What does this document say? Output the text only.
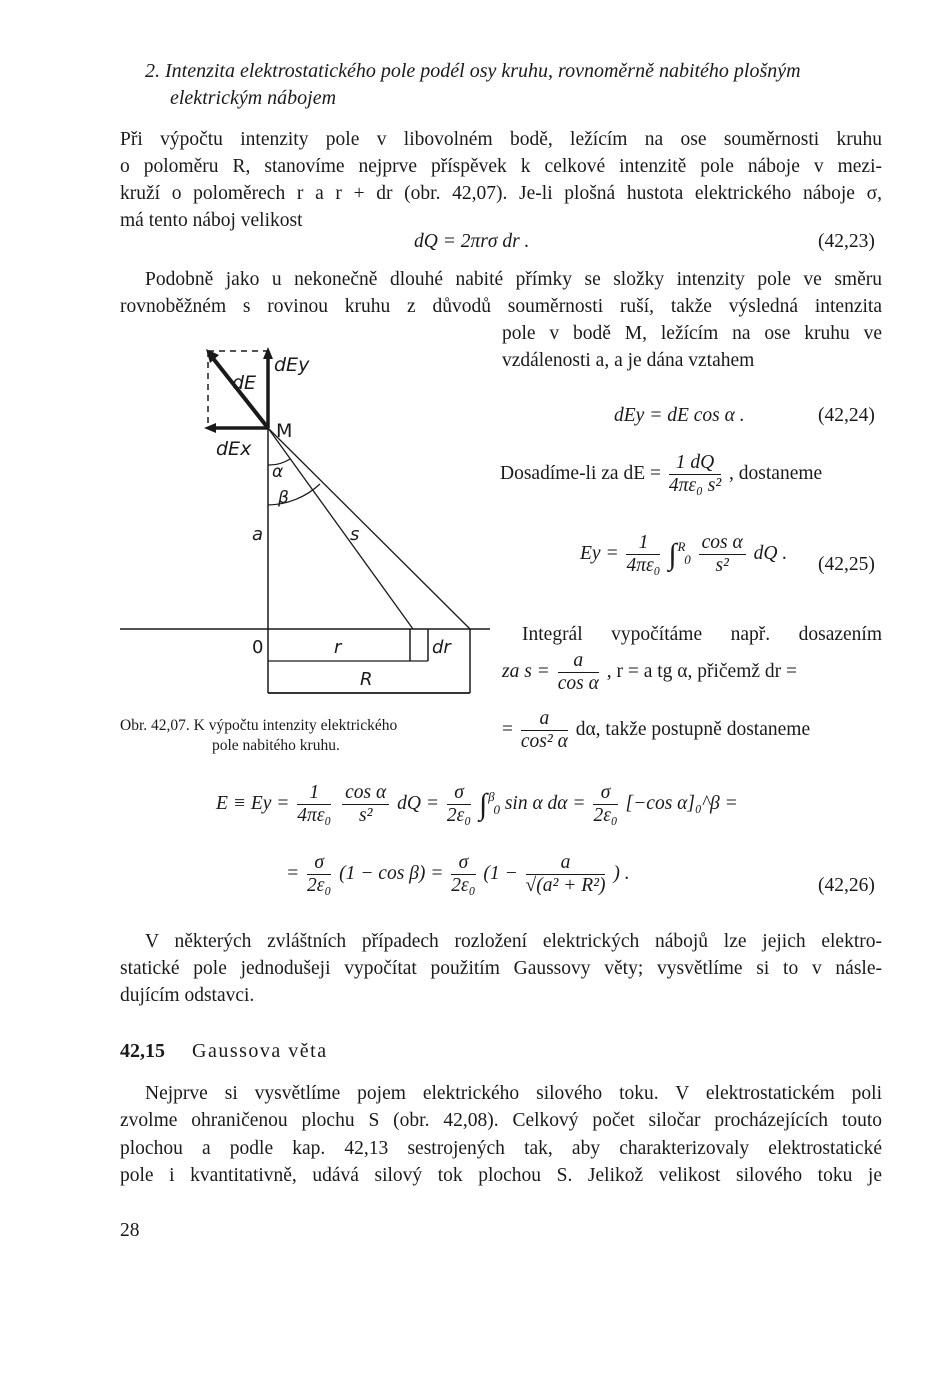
2. Intenzita elektrostatického pole podél osy kruhu, rovnoměrně nabitého plošným
elektrickým nábojem
Při výpočtu intenzity pole v libovolném bodě, ležícím na ose souměrnosti kruhu
o poloměru R, stanovíme nejprve příspěvek k celkové intenzitě pole náboje v mezi-
kruží o poloměrech r a r + dr (obr. 42,07). Je-li plošná hustota elektrického náboje σ,
má tento náboj velikost
dQ = 2πrσ dr .	(42,23)
Podobně jako u nekonečně dlouhé nabité přímky se složky intenzity pole ve směru
rovnoběžném s rovinou kruhu z důvodů souměrnosti ruší, takže výsledná intenzita
pole v bodě M, ležícím na ose kruhu ve
vzdálenosti a, a je dána vztahem
dEy = dE cos α .	(42,24)
Dosadíme-li za dE = $\frac{1 dQ}{\text{4πε₀ s²}}$ , dostaneme
$Ey = \frac{1}{\text{4πε₀}}$ ∫ $^R$ $_0 \frac{\text{cos α}}{\text{s²}}$ dQ .
(42,25)
Integrál vypočítáme např. dosazením
za $s = \frac{a}{\text{cos α}}$ , r = a tg α, přičemž dr =
= $\frac{a}{\text{cos² α}} d\alpha$, takže postupně dostaneme
dE
dEy
dEx
M
α
β
a	s
0	r	dr
R
Obr. 42,07. K výpočtu intenzity elektrického
pole nabitého kruhu.
$E \equiv Ey = \frac{1}{\text{4πε₀}}$
$\frac{\text{cos α}}{\text{s²}}$ dQ = $\frac{\sigma}{\text{2ε₀}}$ ∫ $^\beta$ $_0$ sin α $d\alpha = \frac{\sigma}{\text{2ε₀}} [-\cos$ α]₀^β =
= $\frac{\sigma}{\text{2ε₀}} (1 - \cos \beta) = \frac{\sigma}{\text{2ε₀}} (1 - \frac{a}{\text{√(a² + R²)}}$ ) .
(42,26)
V některých zvláštních případech rozložení elektrických nábojů lze jejich elektro-
statické pole jednodušeji vypočítat použitím Gaussovy věty; vysvětlíme si to v násle-
dujícím odstavci.
42,15 Gaussova věta
Nejprve si vysvětlíme pojem elektrického silového toku. V elektrostatickém poli
zvolme ohraničenou plochu S (obr. 42,08). Celkový počet siločar procházejících touto
plochou a podle kap. 42,13 sestrojených tak, aby charakterizovaly elektrostatické
pole i kvantitativně, udává silový tok plochou S. Jelikož velikost silového toku je
28
